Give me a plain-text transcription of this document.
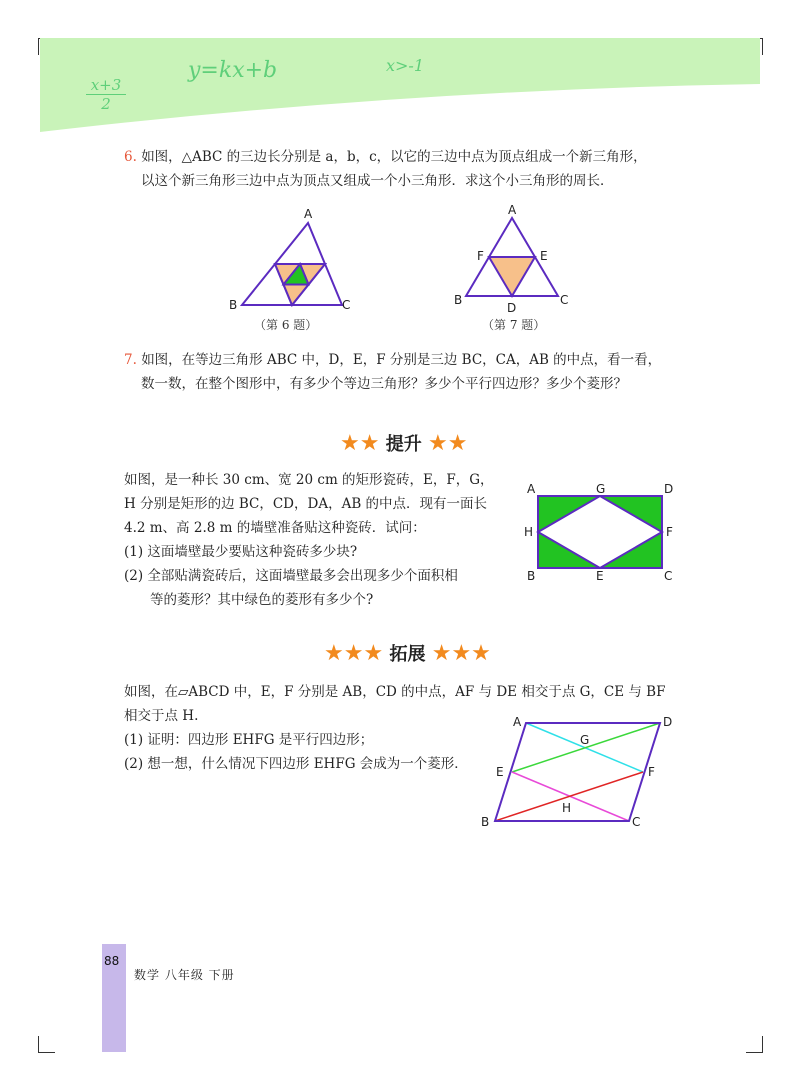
$\frac{x+3}{2}$
y=kx+b	x>-1
6. 如图，△ABC 的三边长分别是 a，b，c，以它的三边中点为顶点组成一个新三角形，
以这个新三角形三边中点为顶点又组成一个小三角形．求这个小三角形的周长．
A
B	C
（第 6 题）
A
F	E
B	C
D
（第 7 题）
7. 如图，在等边三角形 ABC 中，D，E，F 分别是三边 BC，CA，AB 的中点，看一看，
数一数，在整个图形中，有多少个等边三角形？多少个平行四边形？多少个菱形？
★★ 提升 ★★
如图，是一种长 30 cm、宽 20 cm 的矩形瓷砖，E，F，G，
H 分别是矩形的边 BC，CD，DA，AB 的中点．现有一面长
4.2 m、高 2.8 m 的墙壁准备贴这种瓷砖．试问：
(1) 这面墙壁最少要贴这种瓷砖多少块?
(2) 全部贴满瓷砖后，这面墙壁最多会出现多少个面积相
等的菱形？其中绿色的菱形有多少个?
A	G	D
H	F
B	E	C
★★★ 拓展 ★★★
如图，在▱ABCD 中，E，F 分别是 AB，CD 的中点，AF 与 DE 相交于点 G，CE 与 BF
相交于点 H.
(1) 证明：四边形 EHFG 是平行四边形；
(2) 想一想，什么情况下四边形 EHFG 会成为一个菱形．
A	D
G
E	F
H
B	C
88
数学 八年级 下册
